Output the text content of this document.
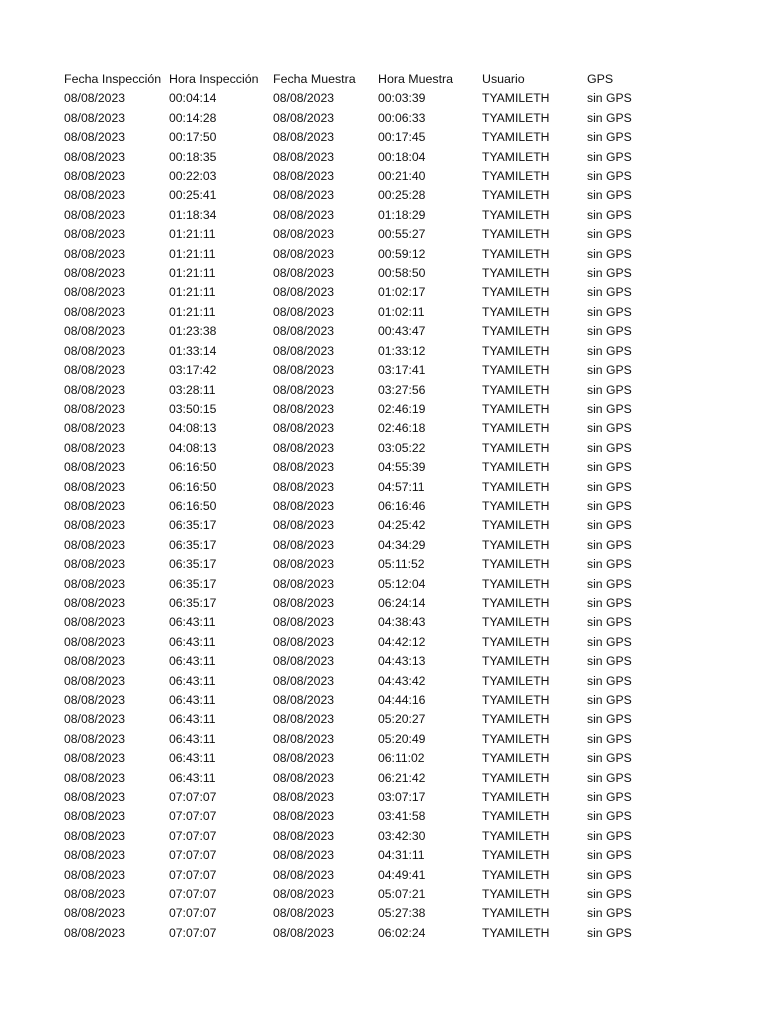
Fecha Inspección	Hora Inspección	Fecha Muestra	Hora Muestra	Usuario	GPS
08/08/2023	00:04:14	08/08/2023	00:03:39	TYAMILETH	sin GPS
08/08/2023	00:14:28	08/08/2023	00:06:33	TYAMILETH	sin GPS
08/08/2023	00:17:50	08/08/2023	00:17:45	TYAMILETH	sin GPS
08/08/2023	00:18:35	08/08/2023	00:18:04	TYAMILETH	sin GPS
08/08/2023	00:22:03	08/08/2023	00:21:40	TYAMILETH	sin GPS
08/08/2023	00:25:41	08/08/2023	00:25:28	TYAMILETH	sin GPS
08/08/2023	01:18:34	08/08/2023	01:18:29	TYAMILETH	sin GPS
08/08/2023	01:21:11	08/08/2023	00:55:27	TYAMILETH	sin GPS
08/08/2023	01:21:11	08/08/2023	00:59:12	TYAMILETH	sin GPS
08/08/2023	01:21:11	08/08/2023	00:58:50	TYAMILETH	sin GPS
08/08/2023	01:21:11	08/08/2023	01:02:17	TYAMILETH	sin GPS
08/08/2023	01:21:11	08/08/2023	01:02:11	TYAMILETH	sin GPS
08/08/2023	01:23:38	08/08/2023	00:43:47	TYAMILETH	sin GPS
08/08/2023	01:33:14	08/08/2023	01:33:12	TYAMILETH	sin GPS
08/08/2023	03:17:42	08/08/2023	03:17:41	TYAMILETH	sin GPS
08/08/2023	03:28:11	08/08/2023	03:27:56	TYAMILETH	sin GPS
08/08/2023	03:50:15	08/08/2023	02:46:19	TYAMILETH	sin GPS
08/08/2023	04:08:13	08/08/2023	02:46:18	TYAMILETH	sin GPS
08/08/2023	04:08:13	08/08/2023	03:05:22	TYAMILETH	sin GPS
08/08/2023	06:16:50	08/08/2023	04:55:39	TYAMILETH	sin GPS
08/08/2023	06:16:50	08/08/2023	04:57:11	TYAMILETH	sin GPS
08/08/2023	06:16:50	08/08/2023	06:16:46	TYAMILETH	sin GPS
08/08/2023	06:35:17	08/08/2023	04:25:42	TYAMILETH	sin GPS
08/08/2023	06:35:17	08/08/2023	04:34:29	TYAMILETH	sin GPS
08/08/2023	06:35:17	08/08/2023	05:11:52	TYAMILETH	sin GPS
08/08/2023	06:35:17	08/08/2023	05:12:04	TYAMILETH	sin GPS
08/08/2023	06:35:17	08/08/2023	06:24:14	TYAMILETH	sin GPS
08/08/2023	06:43:11	08/08/2023	04:38:43	TYAMILETH	sin GPS
08/08/2023	06:43:11	08/08/2023	04:42:12	TYAMILETH	sin GPS
08/08/2023	06:43:11	08/08/2023	04:43:13	TYAMILETH	sin GPS
08/08/2023	06:43:11	08/08/2023	04:43:42	TYAMILETH	sin GPS
08/08/2023	06:43:11	08/08/2023	04:44:16	TYAMILETH	sin GPS
08/08/2023	06:43:11	08/08/2023	05:20:27	TYAMILETH	sin GPS
08/08/2023	06:43:11	08/08/2023	05:20:49	TYAMILETH	sin GPS
08/08/2023	06:43:11	08/08/2023	06:11:02	TYAMILETH	sin GPS
08/08/2023	06:43:11	08/08/2023	06:21:42	TYAMILETH	sin GPS
08/08/2023	07:07:07	08/08/2023	03:07:17	TYAMILETH	sin GPS
08/08/2023	07:07:07	08/08/2023	03:41:58	TYAMILETH	sin GPS
08/08/2023	07:07:07	08/08/2023	03:42:30	TYAMILETH	sin GPS
08/08/2023	07:07:07	08/08/2023	04:31:11	TYAMILETH	sin GPS
08/08/2023	07:07:07	08/08/2023	04:49:41	TYAMILETH	sin GPS
08/08/2023	07:07:07	08/08/2023	05:07:21	TYAMILETH	sin GPS
08/08/2023	07:07:07	08/08/2023	05:27:38	TYAMILETH	sin GPS
08/08/2023	07:07:07	08/08/2023	06:02:24	TYAMILETH	sin GPS
